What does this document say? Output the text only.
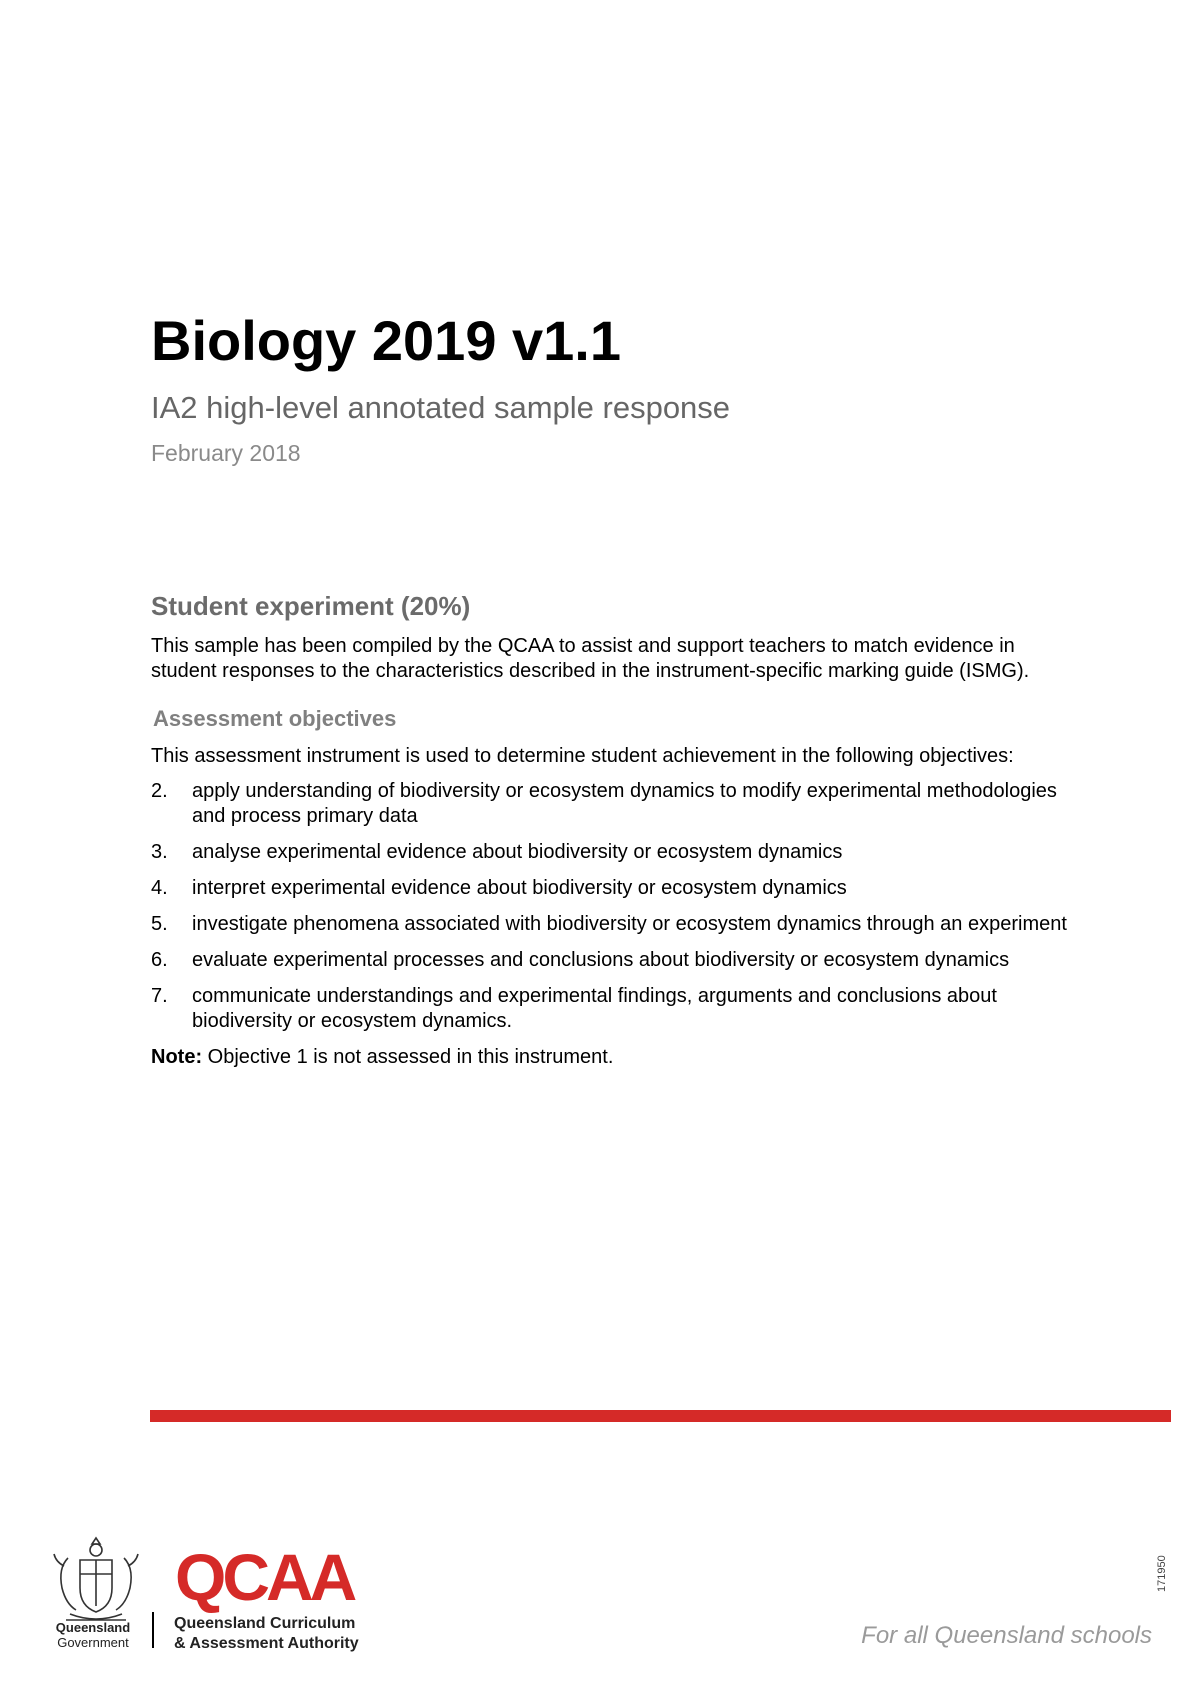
Biology 2019 v1.1
IA2 high-level annotated sample response
February 2018
Student experiment (20%)

This sample has been compiled by the QCAA to assist and support teachers to match evidence in student responses to the characteristics described in the instrument-specific marking guide (ISMG).

Assessment objectives

This assessment instrument is used to determine student achievement in the following objectives:

2.	apply understanding of biodiversity or ecosystem dynamics to modify experimental methodologies and process primary data
3.	analyse experimental evidence about biodiversity or ecosystem dynamics
4.	interpret experimental evidence about biodiversity or ecosystem dynamics
5.	investigate phenomena associated with biodiversity or ecosystem dynamics through an experiment
6.	evaluate experimental processes and conclusions about biodiversity or ecosystem dynamics
7.	communicate understandings and experimental findings, arguments and conclusions about biodiversity or ecosystem dynamics.

Note: Objective 1 is not assessed in this instrument.

Queensland
Government
QCAA
Queensland Curriculum
& Assessment Authority	For all Queensland schools
171950
